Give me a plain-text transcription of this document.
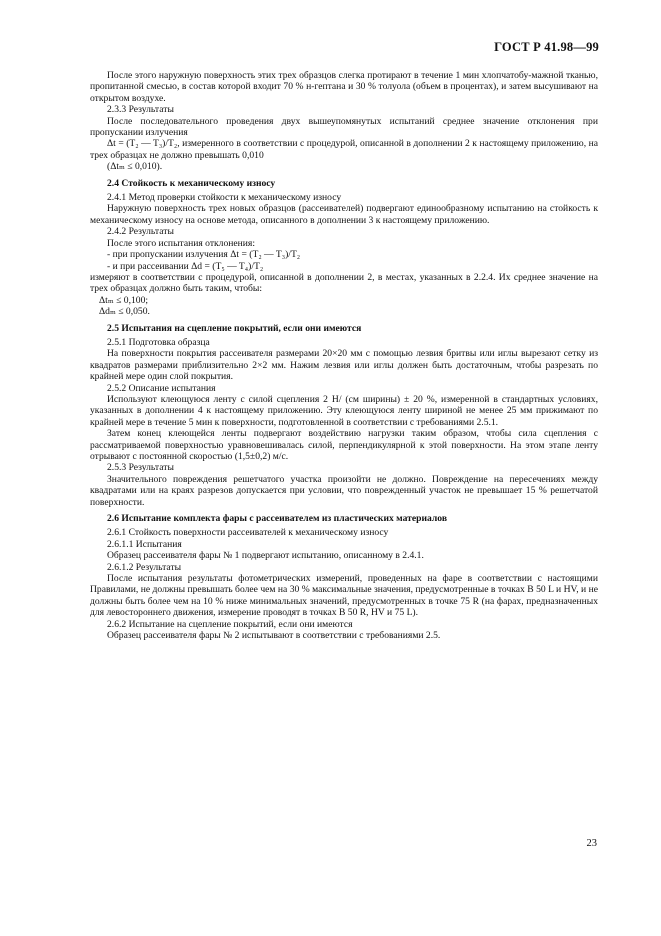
ГОСТ Р 41.98—99

После этого наружную поверхность этих трех образцов слегка протирают в течение 1 мин хлопчатобу-мажной тканью, пропитанной смесью, в состав которой входит 70 % н-гептана и 30 % толуола (объем в процентах), и затем высушивают на открытом воздухе.

2.3.3 Результаты

После последовательного проведения двух вышеупомянутых испытаний среднее значение отклонения при пропускании излучения

Δt = (T₂ — T₃)/T₂, измеренного в соответствии с процедурой, описанной в дополнении 2 к настоящему приложению, на трех образцах не должно превышать 0,010

(Δtₘ ≤ 0,010).

2.4 Стойкость к механическому износу

2.4.1 Метод проверки стойкости к механическому износу

Наружную поверхность трех новых образцов (рассеивателей) подвергают единообразному испытанию на стойкость к механическому износу на основе метода, описанного в дополнении 3 к настоящему приложению.

2.4.2 Результаты

После этого испытания отклонения:

- при пропускании излучения Δt = (T₂ — T₃)/T₂

- и при рассеивании Δd = (T₅ — T₄)/T₂

измеряют в соответствии с процедурой, описанной в дополнении 2, в местах, указанных в 2.2.4. Их среднее значение на трех образцах должно быть таким, чтобы:

Δtₘ ≤ 0,100;

Δdₘ ≤ 0,050.

2.5 Испытания на сцепление покрытий, если они имеются

2.5.1 Подготовка образца

На поверхности покрытия рассеивателя размерами 20×20 мм с помощью лезвия бритвы или иглы вырезают сетку из квадратов размерами приблизительно 2×2 мм. Нажим лезвия или иглы должен быть достаточным, чтобы разрезать по крайней мере один слой покрытия.

2.5.2 Описание испытания

Используют клеющуюся ленту с силой сцепления 2 Н/ (см ширины) ± 20 %, измеренной в стандартных условиях, указанных в дополнении 4 к настоящему приложению. Эту клеющуюся ленту шириной не менее 25 мм прижимают по крайней мере в течение 5 мин к поверхности, подготовленной в соответствии с требованиями 2.5.1.

Затем конец клеющейся ленты подвергают воздействию нагрузки таким образом, чтобы сила сцепления с рассматриваемой поверхностью уравновешивалась силой, перпендикулярной к этой поверхности. На этом этапе ленту отрывают с постоянной скоростью (1,5±0,2) м/с.

2.5.3 Результаты

Значительного повреждения решетчатого участка произойти не должно. Повреждение на пересечениях между квадратами или на краях разрезов допускается при условии, что поврежденный участок не превышает 15 % решетчатой поверхности.

2.6 Испытание комплекта фары с рассеивателем из пластических материалов

2.6.1 Стойкость поверхности рассеивателей к механическому износу

2.6.1.1 Испытания

Образец рассеивателя фары № 1 подвергают испытанию, описанному в 2.4.1.

2.6.1.2 Результаты

После испытания результаты фотометрических измерений, проведенных на фаре в соответствии с настоящими Правилами, не должны превышать более чем на 30 % максимальные значения, предусмотренные в точках В 50 L и HV, и не должны быть более чем на 10 % ниже минимальных значений, предусмотренных в точке 75 R (на фарах, предназначенных для левостороннего движения, измерение проводят в точках В 50 R, HV и 75 L).

2.6.2 Испытание на сцепление покрытий, если они имеются

Образец рассеивателя фары № 2 испытывают в соответствии с требованиями 2.5.

23
